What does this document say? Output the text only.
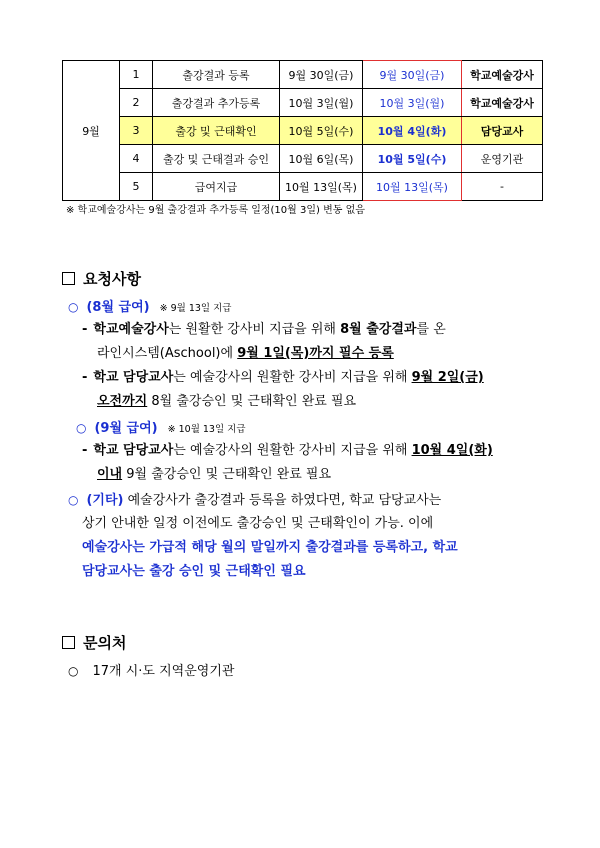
9월	1	출강결과 등록	9월 30일(금)	9월 30일(금)	학교예술강사
	2	출강결과 추가등록	10월 3일(월)	10월 3일(월)	학교예술강사
	3	출강 및 근태확인	10월 5일(수)	10월 4일(화)	담당교사
	4	출강 및 근태결과 승인	10월 6일(목)	10월 5일(수)	운영기관
	5	급여지급	10월 13일(목)	10월 13일(목)	-
※ 학교예술강사는 9월 출강결과 추가등록 일정(10월 3일) 변동 없음
요청사항
○ (8월 급여) ※ 9월 13일 지급
- 학교예술강사는 원활한 강사비 지급을 위해 8월 출강결과를 온
라인시스템(Aschool)에 9월 1일(목)까지 필수 등록
- 학교 담당교사는 예술강사의 원활한 강사비 지급을 위해 9월 2일(금)
오전까지 8월 출강승인 및 근태확인 완료 필요
○ (9월 급여) ※ 10월 13일 지급
- 학교 담당교사는 예술강사의 원활한 강사비 지급을 위해 10월 4일(화)
이내 9월 출강승인 및 근태확인 완료 필요
○ (기타) 예술강사가 출강결과 등록을 하였다면, 학교 담당교사는
상기 안내한 일정 이전에도 출강승인 및 근태확인이 가능. 이에
예술강사는 가급적 해당 월의 말일까지 출강결과를 등록하고, 학교
담당교사는 출강 승인 및 근태확인 필요
문의처
○ 17개 시·도 지역운영기관
